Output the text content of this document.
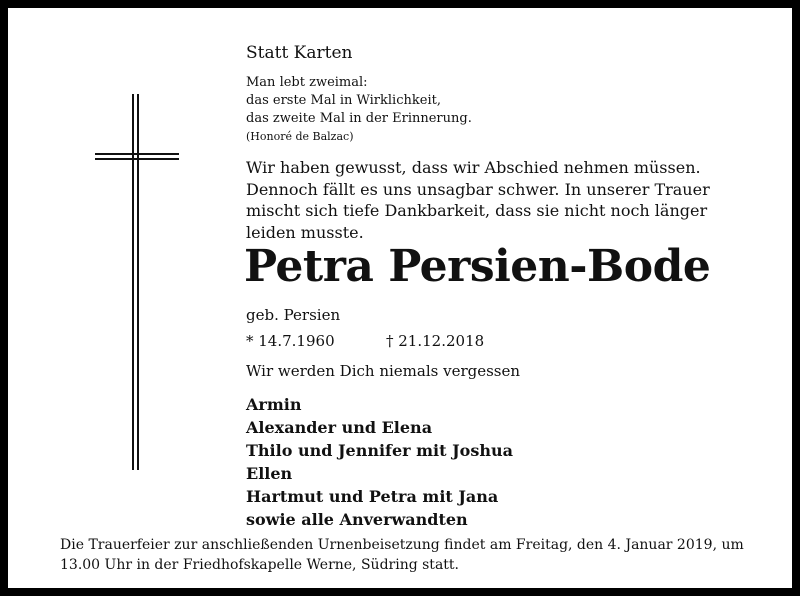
Statt Karten
Man lebt zweimal:
das erste Mal in Wirklichkeit,
das zweite Mal in der Erinnerung.
(Honoré de Balzac)
Wir haben gewusst, dass wir Abschied nehmen müssen.
Dennoch fällt es uns unsagbar schwer. In unserer Trauer
mischt sich tiefe Dankbarkeit, dass sie nicht noch länger
leiden musste.
Petra Persien-Bode
geb. Persien
* 14.7.1960	† 21.12.2018
Wir werden Dich niemals vergessen
Armin
Alexander und Elena
Thilo und Jennifer mit Joshua
Ellen
Hartmut und Petra mit Jana
sowie alle Anverwandten
Die Trauerfeier zur anschließenden Urnenbeisetzung findet am Freitag, den 4. Januar 2019, um
13.00 Uhr in der Friedhofskapelle Werne, Südring statt.
